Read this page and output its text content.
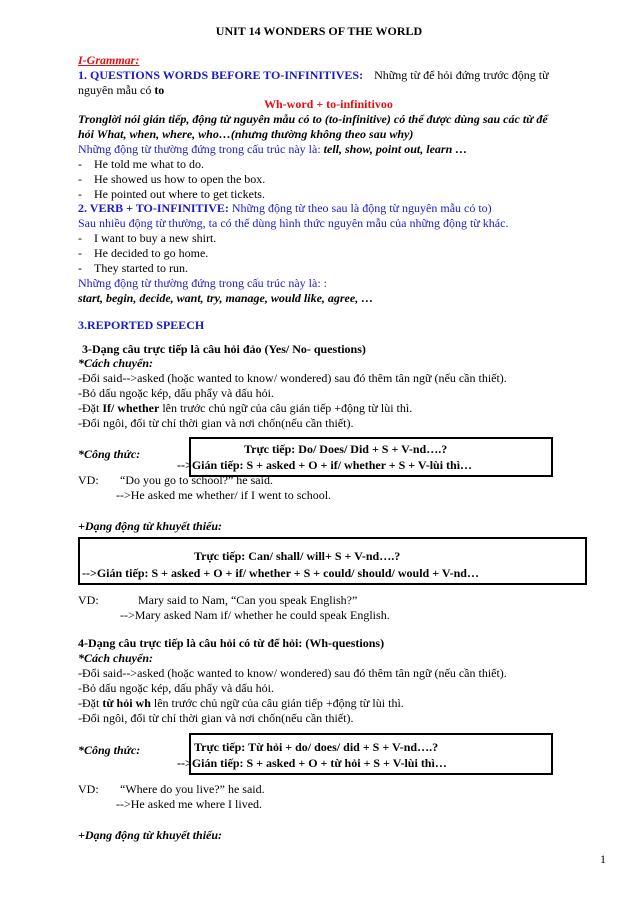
UNIT 14 WONDERS OF THE WORLD
I-Grammar:
1. QUESTIONS WORDS BEFORE TO-INFINITIVES: Những từ để hỏi đứng trước động từ
nguyên mẫu có to
Wh-word + to-infinitivoo
Tronglời nói gián tiếp, động từ nguyên mẫu có to (to-infinitive) có thể được dùng sau các từ để
hỏi What, when, where, who…(nhưng thường không theo sau why)
Những động từ thường đứng trong cấu trúc này là: tell, show, point out, learn …
- He told me what to do.
- He showed us how to open the box.
- He pointed out where to get tickets.
2. VERB + TO-INFINITIVE: Những động từ theo sau là động từ nguyên mẫu có to)
Sau nhiều động từ thường, ta có thể dùng hình thức nguyên mẫu của những động từ khác.
- I want to buy a new shirt.
- He decided to go home.
- They started to run.
Những động từ thường đứng trong cấu trúc này là: :
start, begin, decide, want, try, manage, would like, agree, …
3.REPORTED SPEECH
3-Dạng câu trực tiếp là câu hỏi đảo (Yes/ No- questions)
*Cách chuyển:
-Đổi said-->asked (hoặc wanted to know/ wondered) sau đó thêm tân ngữ (nếu cần thiết).
-Bỏ dấu ngoặc kép, dấu phẩy và dấu hỏi.
-Đặt If/ whether lên trước chủ ngữ của câu gián tiếp +động từ lùi thì.
-Đổi ngôi, đổi từ chỉ thời gian và nơi chốn(nếu cần thiết).
*Công thức:	Trực tiếp: Do/ Does/ Did + S + V-nd….?
-->Gián tiếp: S + asked + O + if/ whether + S + V-lùi thì…
VD: “Do you go to school?” he said.
-->He asked me whether/ if I went to school.
+Dạng động từ khuyết thiếu:
Trực tiếp: Can/ shall/ will+ S + V-nd….?
-->Gián tiếp: S + asked + O + if/ whether + S + could/ should/ would + V-nd…
VD:	Mary said to Nam, “Can you speak English?”
-->Mary asked Nam if/ whether he could speak English.
4-Dạng câu trực tiếp là câu hỏi có từ để hỏi: (Wh-questions)
*Cách chuyển:
-Đổi said-->asked (hoặc wanted to know/ wondered) sau đó thêm tân ngữ (nếu cần thiết).
-Bỏ dấu ngoặc kép, dấu phẩy và dấu hỏi.
-Đặt từ hỏi wh lên trước chủ ngữ của câu gián tiếp +động từ lùi thì.
-Đổi ngôi, đổi từ chỉ thời gian và nơi chốn(nếu cần thiết).
*Công thức:	Trực tiếp: Từ hỏi + do/ does/ did + S + V-nd….?
-->Gián tiếp: S + asked + O + từ hỏi + S + V-lùi thì…
VD: “Where do you live?” he said.
-->He asked me where I lived.
+Dạng động từ khuyết thiếu:
1
